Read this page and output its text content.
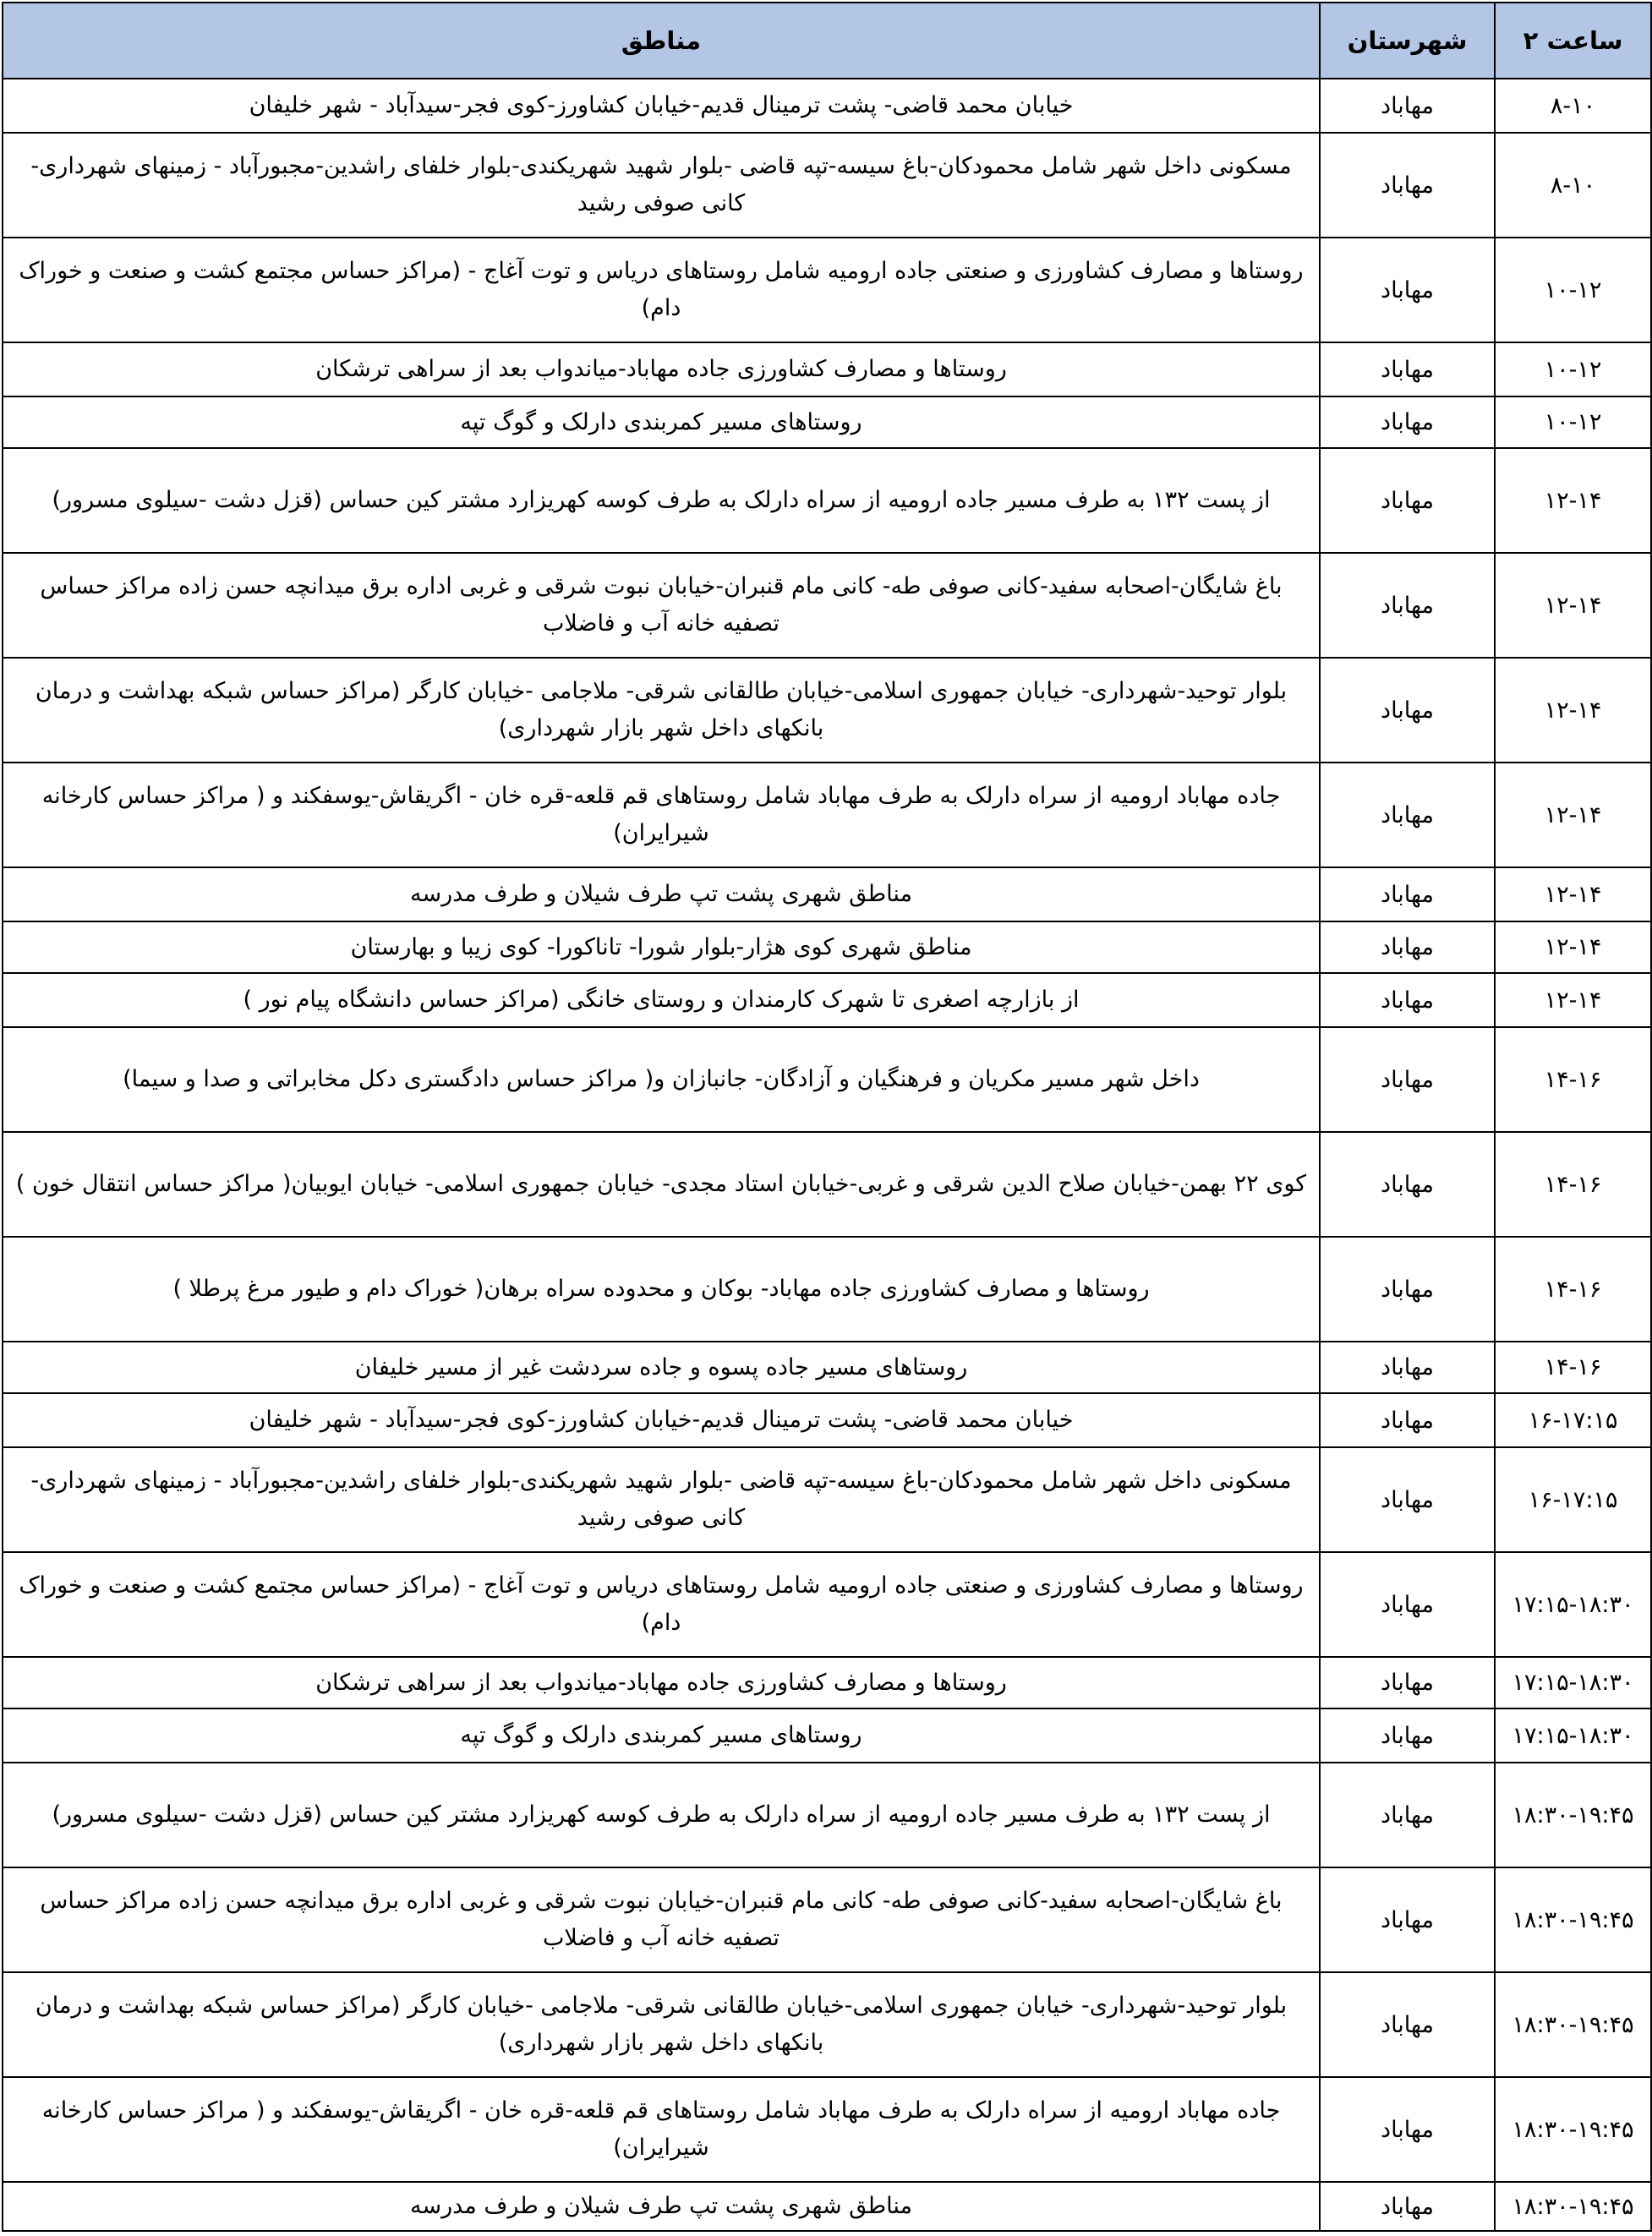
ساعت ۲	شهرستان	مناطق
۸-۱۰	مهاباد	خیابان محمد قاضی- پشت ترمینال قدیم-خیابان کشاورز-کوی فجر-سیدآباد - شهر خلیفان
۸-۱۰	مهاباد	مسکونی داخل شهر شامل محمودکان-باغ سیسه-تپه قاضی -بلوار شهید شهریکندی-بلوار خلفای راشدین-مجبورآباد - زمینهای شهرداری- کانی صوفی رشید
۱۰-۱۲	مهاباد	روستاها و مصارف کشاورزی و صنعتی جاده ارومیه شامل روستاهای دریاس و توت آغاج - (مراکز حساس مجتمع کشت و صنعت و خوراک دام)
۱۰-۱۲	مهاباد	روستاها و مصارف کشاورزی جاده مهاباد-میاندواب بعد از سراهی ترشکان
۱۰-۱۲	مهاباد	روستاهای مسیر کمربندی دارلک و گوگ تپه
۱۲-۱۴	مهاباد	از پست ۱۳۲ به طرف مسیر جاده ارومیه از سراه دارلک به طرف کوسه کهریزارد مشتر کین حساس (قزل دشت -سیلوی مسرور)
۱۲-۱۴	مهاباد	باغ شایگان-اصحابه سفید-کانی صوفی طه- کانی مام قنبران-خیابان نبوت شرقی و غربی اداره برق میدانچه حسن زاده مراکز حساس تصفیه خانه آب و فاضلاب
۱۲-۱۴	مهاباد	بلوار توحید-شهرداری- خیابان جمهوری اسلامی-خیابان طالقانی شرقی- ملاجامی -خیابان کارگر (مراکز حساس شبکه بهداشت و درمان بانکهای داخل شهر بازار شهرداری)
۱۲-۱۴	مهاباد	جاده مهاباد ارومیه از سراه دارلک به طرف مهاباد شامل روستاهای قم قلعه-قره خان - اگریقاش-یوسفکند و ( مراکز حساس کارخانه شیرایران)
۱۲-۱۴	مهاباد	مناطق شهری پشت تپ طرف شیلان و طرف مدرسه
۱۲-۱۴	مهاباد	مناطق شهری کوی هژار-بلوار شورا- تاناکورا- کوی زیبا و بهارستان
۱۲-۱۴	مهاباد	از بازارچه اصغری تا شهرک کارمندان و روستای خانگی (مراکز حساس دانشگاه پیام نور )
۱۴-۱۶	مهاباد	داخل شهر مسیر مکریان و فرهنگیان و آزادگان- جانبازان و( مراکز حساس دادگستری دکل مخابراتی و صدا و سیما)
۱۴-۱۶	مهاباد	کوی ۲۲ بهمن-خیابان صلاح الدین شرقی و غربی-خیابان استاد مجدی- خیابان جمهوری اسلامی- خیابان ایوبیان( مراکز حساس انتقال خون )
۱۴-۱۶	مهاباد	روستاها و مصارف کشاورزی جاده مهاباد- بوکان و محدوده سراه برهان( خوراک دام و طیور مرغ پرطلا )
۱۴-۱۶	مهاباد	روستاهای مسیر جاده پسوه و جاده سردشت غیر از مسیر خلیفان
۱۶-۱۷:۱۵	مهاباد	خیابان محمد قاضی- پشت ترمینال قدیم-خیابان کشاورز-کوی فجر-سیدآباد - شهر خلیفان
۱۶-۱۷:۱۵	مهاباد	مسکونی داخل شهر شامل محمودکان-باغ سیسه-تپه قاضی -بلوار شهید شهریکندی-بلوار خلفای راشدین-مجبورآباد - زمینهای شهرداری- کانی صوفی رشید
۱۷:۱۵-۱۸:۳۰	مهاباد	روستاها و مصارف کشاورزی و صنعتی جاده ارومیه شامل روستاهای دریاس و توت آغاج - (مراکز حساس مجتمع کشت و صنعت و خوراک دام)
۱۷:۱۵-۱۸:۳۰	مهاباد	روستاها و مصارف کشاورزی جاده مهاباد-میاندواب بعد از سراهی ترشکان
۱۷:۱۵-۱۸:۳۰	مهاباد	روستاهای مسیر کمربندی دارلک و گوگ تپه
۱۸:۳۰-۱۹:۴۵	مهاباد	از پست ۱۳۲ به طرف مسیر جاده ارومیه از سراه دارلک به طرف کوسه کهریزارد مشتر کین حساس (قزل دشت -سیلوی مسرور)
۱۸:۳۰-۱۹:۴۵	مهاباد	باغ شایگان-اصحابه سفید-کانی صوفی طه- کانی مام قنبران-خیابان نبوت شرقی و غربی اداره برق میدانچه حسن زاده مراکز حساس تصفیه خانه آب و فاضلاب
۱۸:۳۰-۱۹:۴۵	مهاباد	بلوار توحید-شهرداری- خیابان جمهوری اسلامی-خیابان طالقانی شرقی- ملاجامی -خیابان کارگر (مراکز حساس شبکه بهداشت و درمان بانکهای داخل شهر بازار شهرداری)
۱۸:۳۰-۱۹:۴۵	مهاباد	جاده مهاباد ارومیه از سراه دارلک به طرف مهاباد شامل روستاهای قم قلعه-قره خان - اگریقاش-یوسفکند و ( مراکز حساس کارخانه شیرایران)
۱۸:۳۰-۱۹:۴۵	مهاباد	مناطق شهری پشت تپ طرف شیلان و طرف مدرسه
